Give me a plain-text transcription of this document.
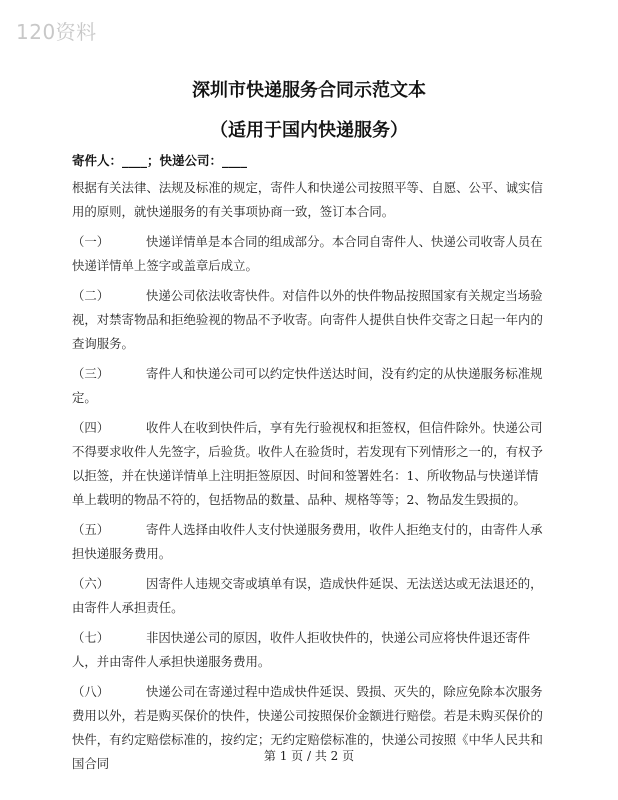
120资料
深圳市快递服务合同示范文本
（适用于国内快递服务）
寄件人：____；快递公司：____

根据有关法律、法规及标准的规定，寄件人和快递公司按照平等、自愿、公平、诚实信用的原则，就快递服务的有关事项协商一致，签订本合同。

（一）	快递详情单是本合同的组成部分。本合同自寄件人、快递公司收寄人员在快递详情单上签字或盖章后成立。

（二）	快递公司依法收寄快件。对信件以外的快件物品按照国家有关规定当场验视，对禁寄物品和拒绝验视的物品不予收寄。向寄件人提供自快件交寄之日起一年内的查询服务。

（三）	寄件人和快递公司可以约定快件送达时间，没有约定的从快递服务标准规定。

（四）	收件人在收到快件后，享有先行验视权和拒签权，但信件除外。快递公司不得要求收件人先签字，后验货。收件人在验货时，若发现有下列情形之一的，有权予以拒签，并在快递详情单上注明拒签原因、时间和签署姓名：1、所收物品与快递详情单上载明的物品不符的，包括物品的数量、品种、规格等等；2、物品发生毁损的。

（五）	寄件人选择由收件人支付快递服务费用，收件人拒绝支付的，由寄件人承担快递服务费用。

（六）	因寄件人违规交寄或填单有误，造成快件延误、无法送达或无法退还的，由寄件人承担责任。

（七）	非因快递公司的原因，收件人拒收快件的，快递公司应将快件退还寄件人，并由寄件人承担快递服务费用。

（八）	快递公司在寄递过程中造成快件延误、毁损、灭失的，除应免除本次服务费用以外，若是购买保价的快件，快递公司按照保价金额进行赔偿。若是未购买保价的快件，有约定赔偿标准的，按约定；无约定赔偿标准的，快递公司按照《中华人民共和国合同	第 1 页 / 共 2 页
